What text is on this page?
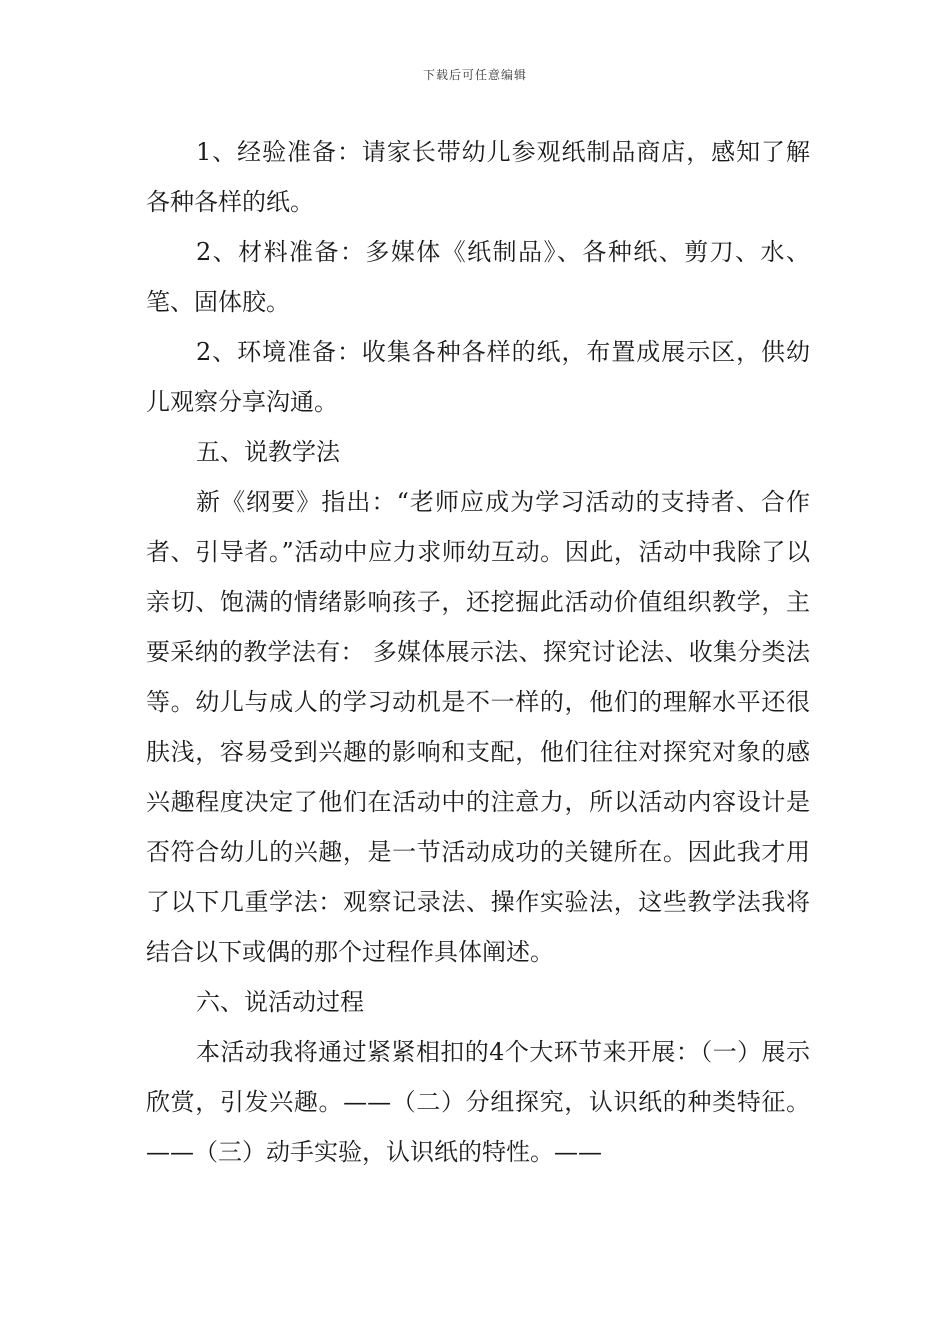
下载后可任意编辑

1、经验准备：请家长带幼儿参观纸制品商店，感知了解各种各样的纸。

2、材料准备：多媒体《纸制品》、各种纸、剪刀、水、笔、固体胶。

2、环境准备：收集各种各样的纸，布置成展示区，供幼儿观察分享沟通。

五、说教学法

新《纲要》指出：“老师应成为学习活动的支持者、合作者、引导者。”活动中应力求师幼互动。因此，活动中我除了以亲切、饱满的情绪影响孩子，还挖掘此活动价值组织教学，主要采纳的教学法有： 多媒体展示法、探究讨论法、收集分类法等。幼儿与成人的学习动机是不一样的，他们的理解水平还很肤浅，容易受到兴趣的影响和支配，他们往往对探究对象的感兴趣程度决定了他们在活动中的注意力，所以活动内容设计是否符合幼儿的兴趣，是一节活动成功的关键所在。因此我才用了以下几重学法：观察记录法、操作实验法，这些教学法我将结合以下或偶的那个过程作具体阐述。

六、说活动过程

本活动我将通过紧紧相扣的4个大环节来开展：（一）展示欣赏，引发兴趣。——（二）分组探究，认识纸的种类特征。——（三）动手实验，认识纸的特性。——
